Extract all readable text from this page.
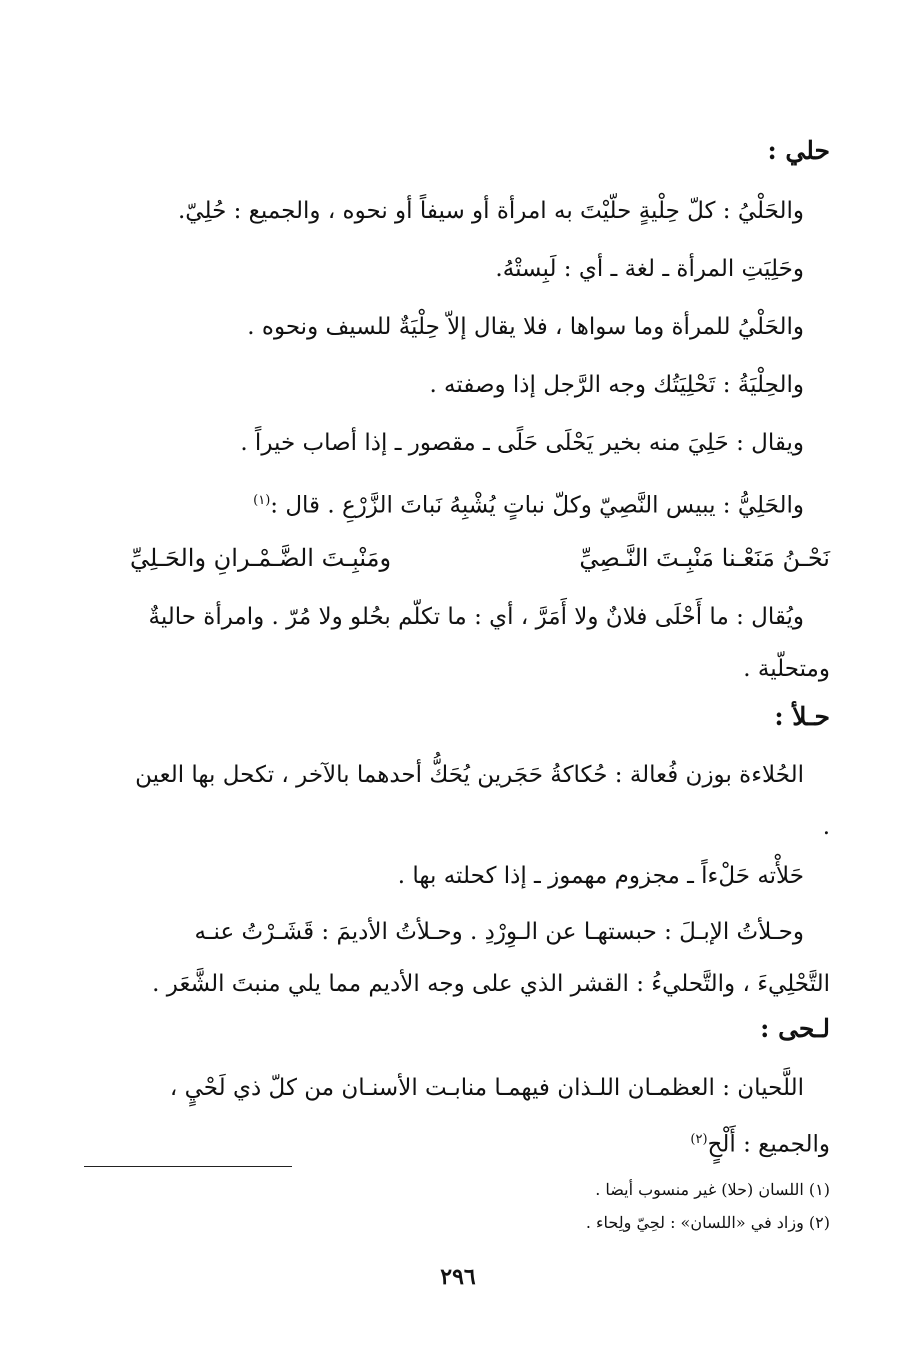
حلي :
والحَلْيُ : كلّ حِلْيةٍ حلّيْتَ به امرأة أو سيفاً أو نحوه ، والجميع : حُلِيّ.
وحَلِيَتِ المرأة ـ لغة ـ أي : لَبِستْهُ.
والحَلْيُ للمرأة وما سواها ، فلا يقال إلاّ حِلْيَةٌ للسيف ونحوه .
والحِلْيَةُ : تَحْلِيَتُك وجه الرَّجل إذا وصفته .
ويقال : حَلِيَ منه بخير يَحْلَى حَلًى ـ مقصور ـ إذا أصاب خيراً .
والحَلِيُّ : يبيس النَّصِيّ وكلّ نباتٍ يُشْبِهُ نَباتَ الزَّرْعِ . قال :$^{(١)}$
نَحْـنُ مَنَعْـنا مَنْبِـتَ النَّـصِيِّ
ومَنْبِـتَ الضَّـمْـرانِ والحَـلِيِّ
ويُقال : ما أَحْلَى فلانٌ ولا أَمَرَّ ، أي : ما تكلّم بحُلو ولا مُرّ . وامرأة حاليةٌ ومتحلّية .
حـلأ :
الحُلاءة بوزن فُعالة : حُكاكةُ حَجَرين يُحَكُّ أحدهما بالآخر ، تكحل بها العين .
حَلأْته حَلْءاً ـ مجزوم مهموز ـ إذا كحلته بها .
وحـلأتُ الإبـلَ : حبستهـا عن الـوِرْدِ . وحـلأتُ الأديمَ : قَشَـرْتُ عنـه التَّحْلِيءَ ، والتَّحليءُ : القشر الذي على وجه الأديم مما يلي منبتَ الشَّعَر .
لـحى :
اللَّحيان : العظمـان اللـذان فيهمـا منابـت الأسنـان من كلّ ذي لَحْيٍ ، والجميع : أَلْحٍ$^{(٢)}$
(١) اللسان (حلا) غير منسوب أيضا .
(٢) وزاد في «اللسان» : لحِيّ ولِحاء .
٢٩٦
